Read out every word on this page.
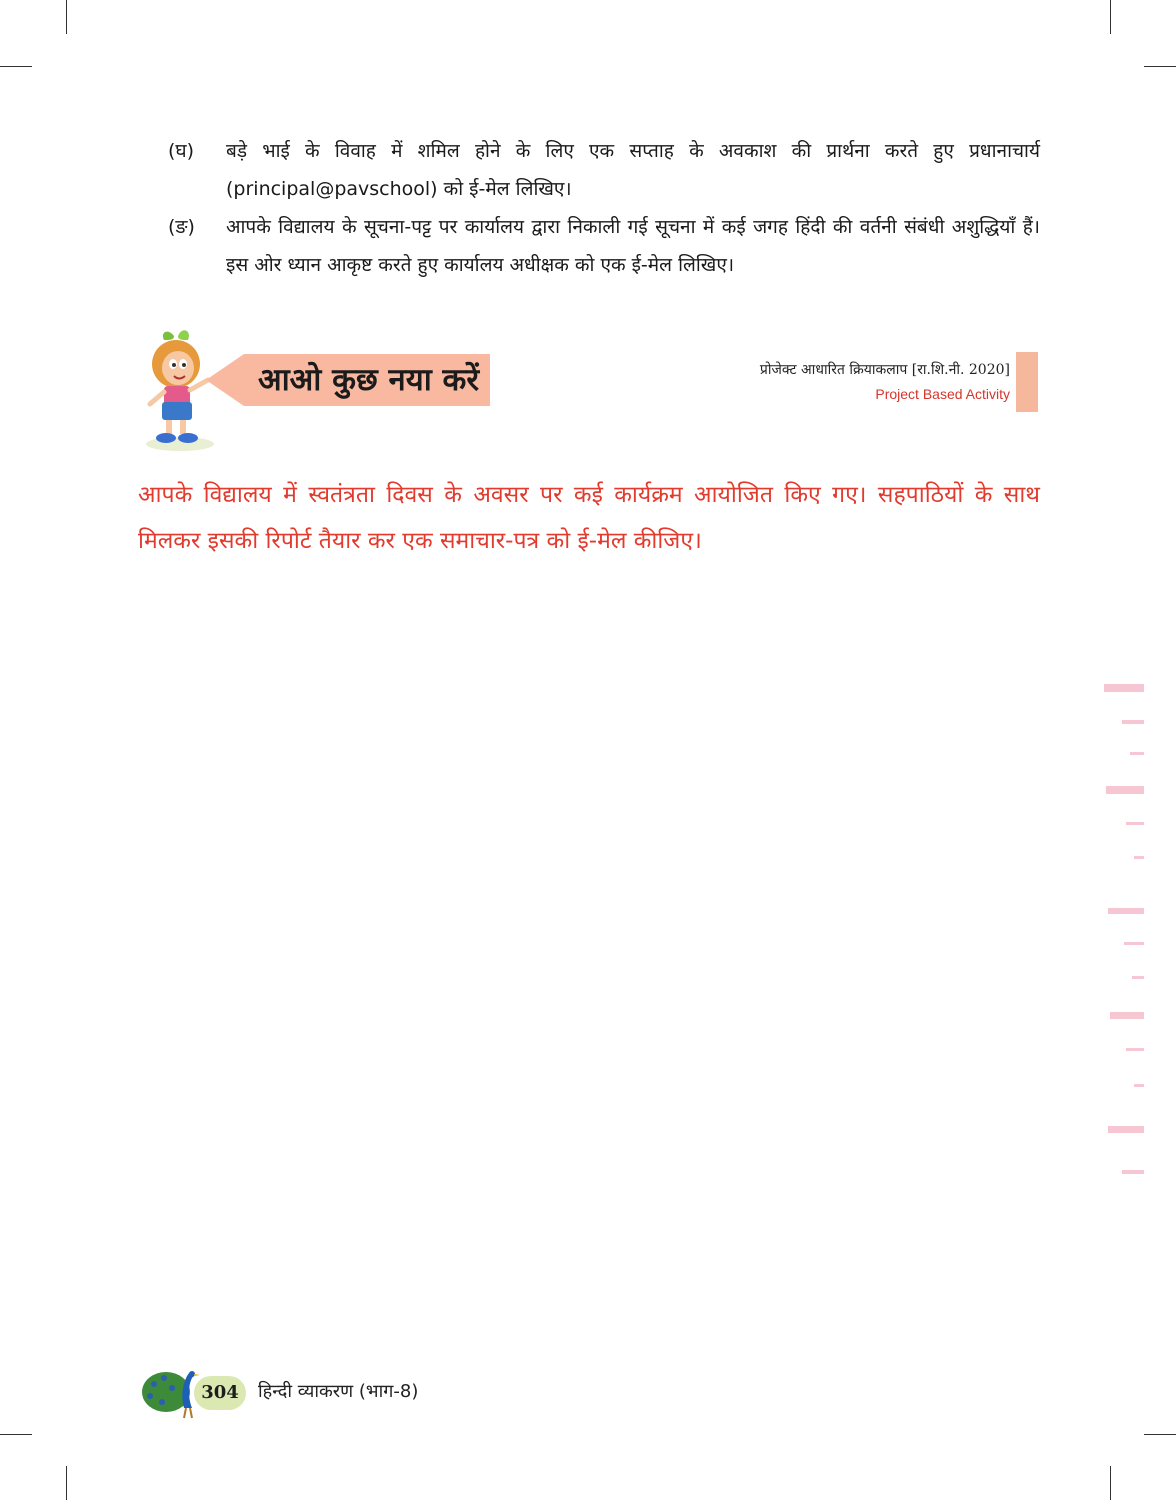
(घ) बड़े भाई के विवाह में शमिल होने के लिए एक सप्ताह के अवकाश की प्रार्थना करते हुए प्रधानाचार्य (principal@pavschool) को ई-मेल लिखिए।
(ङ) आपके विद्यालय के सूचना-पट्ट पर कार्यालय द्वारा निकाली गई सूचना में कई जगह हिंदी की वर्तनी संबंधी अशुद्धियाँ हैं। इस ओर ध्यान आकृष्ट करते हुए कार्यालय अधीक्षक को एक ई-मेल लिखिए।
आओ कुछ नया करें	प्रोजेक्ट आधारित क्रियाकलाप [रा.शि.नी. 2020]
Project Based Activity
आपके विद्यालय में स्वतंत्रता दिवस के अवसर पर कई कार्यक्रम आयोजित किए गए। सहपाठियों के साथ मिलकर इसकी रिपोर्ट तैयार कर एक समाचार-पत्र को ई-मेल कीजिए।
304	हिन्दी व्याकरण (भाग-8)
